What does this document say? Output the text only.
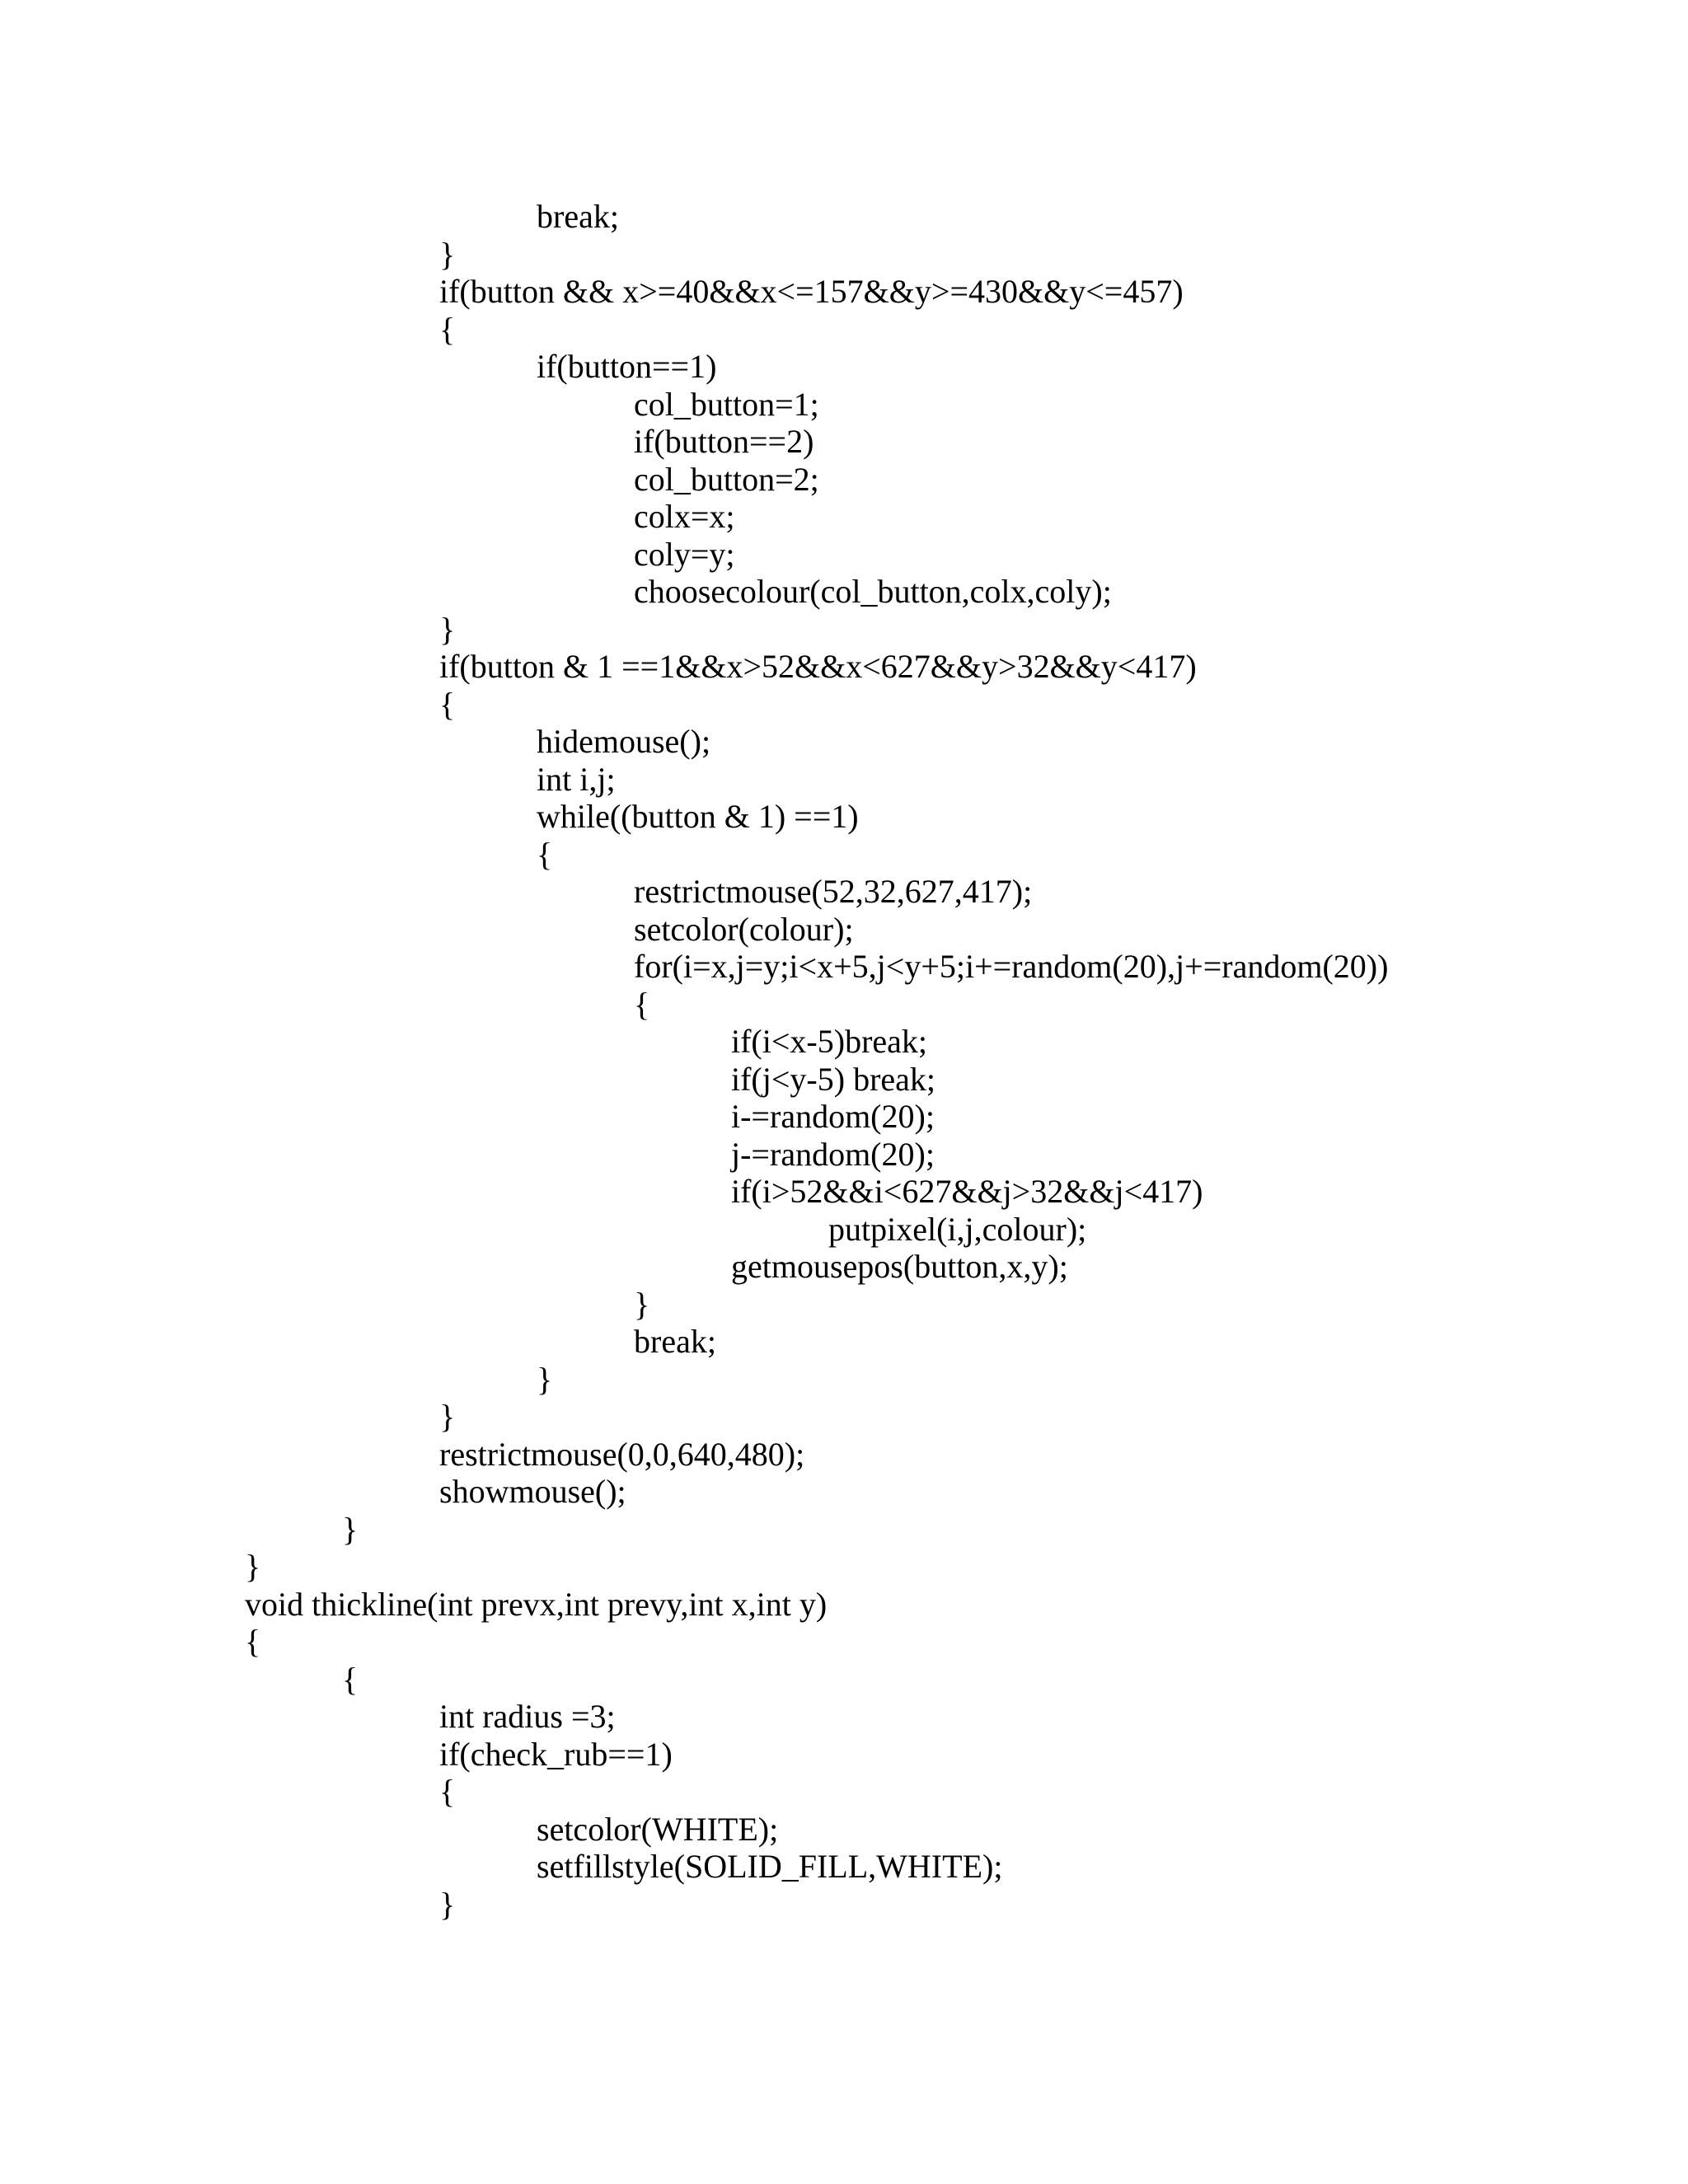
break;
}
if(button && x>=40&&x<=157&&y>=430&&y<=457)
{
if(button==1)
col_button=1;
if(button==2)
col_button=2;
colx=x;
coly=y;
choosecolour(col_button,colx,coly);
}
if(button & 1 ==1&&x>52&&x<627&&y>32&&y<417)
{
hidemouse();
int i,j;
while((button & 1) ==1)
{
restrictmouse(52,32,627,417);
setcolor(colour);
for(i=x,j=y;i<x+5,j<y+5;i+=random(20),j+=random(20))
{
if(i<x-5)break;
if(j<y-5) break;
i-=random(20);
j-=random(20);
if(i>52&&i<627&&j>32&&j<417)
putpixel(i,j,colour);
getmousepos(button,x,y);
}
break;
}
}
restrictmouse(0,0,640,480);
showmouse();
}
}
void thickline(int prevx,int prevy,int x,int y)
{
{
int radius =3;
if(check_rub==1)
{
setcolor(WHITE);
setfillstyle(SOLID_FILL,WHITE);
}
